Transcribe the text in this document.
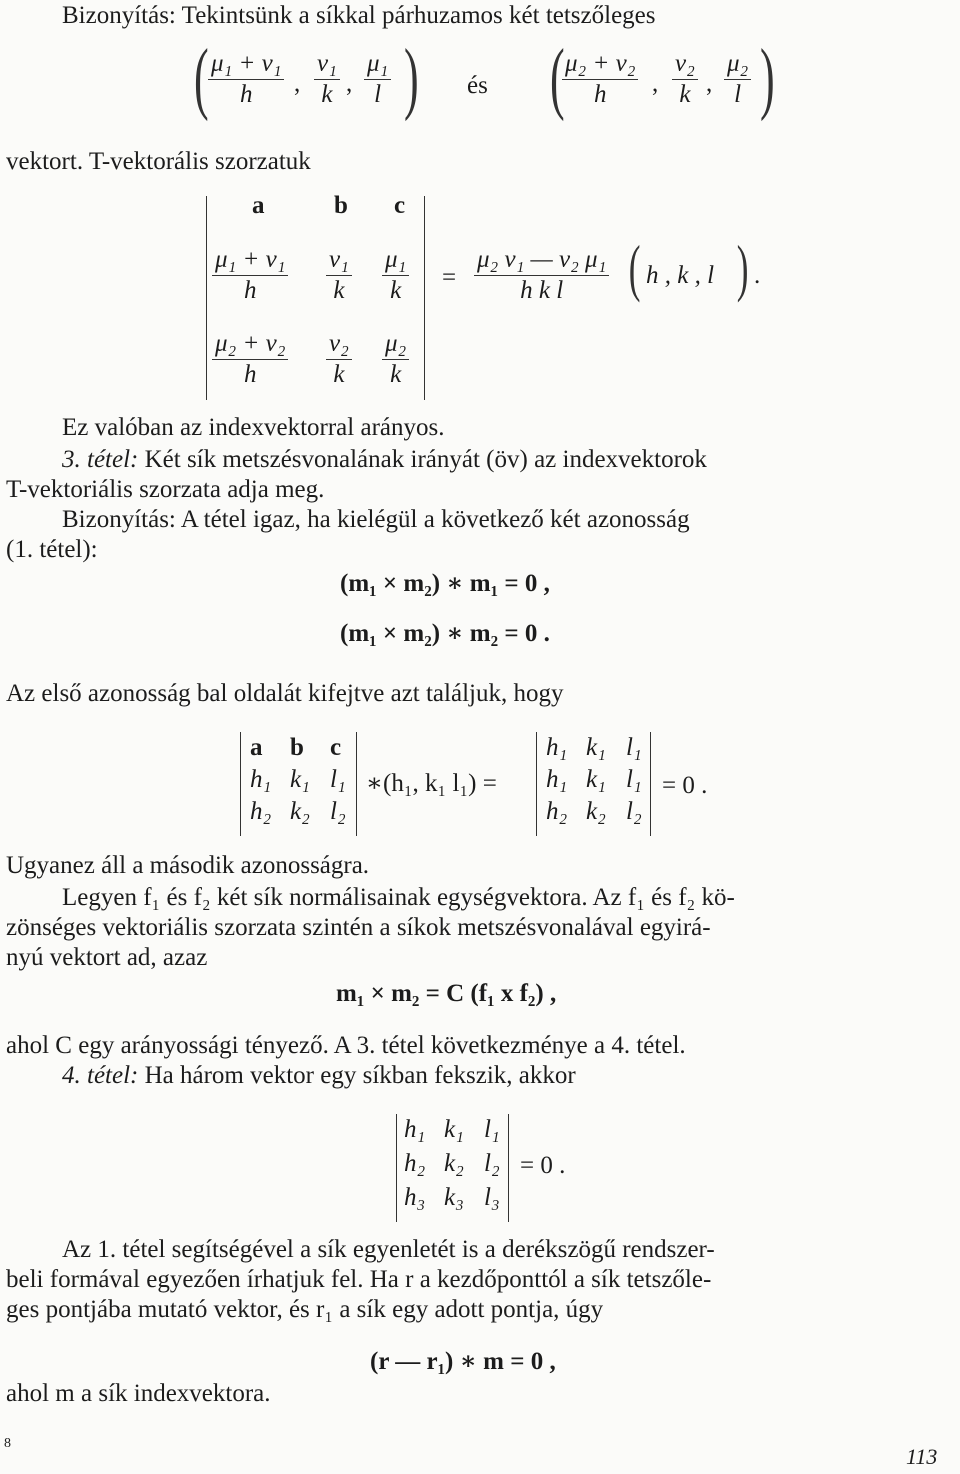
Bizonyítás: Tekintsünk a síkkal párhuzamos két tetszőleges
( $\frac{\text{μ₁ + ν₁}}{h}$ , $\frac{\text{ν₁}}{k}$ , $\frac{\text{μ₁}}{l}$ ) és (
$\frac{\text{μ₂ + ν₂}}{h}$ , $\frac{\text{ν₂}}{k}$ , $\frac{\text{μ₂}}{l}$ )
vektort. T-vektorális szorzatuk
a	b c
$\frac{\text{μ₁ + ν₁}}{h} \frac{\text{ν₁}}{k} \frac{\text{μ₁}}{k}$
$\frac{\text{μ₂ + ν₂}}{h} \frac{\text{ν₂}}{k} \frac{\text{μ₂}}{k}$
= $\frac{\text{μ₂ ν₁ — ν₂ μ₁}}{\text{h k l}}$ ( h , k , l ) .
Ez valóban az indexvektorral arányos.
3. tétel: Két sík metszésvonalának irányát (öv) az indexvektorok
T-vektoriális szorzata adja meg.
Bizonyítás: A tétel igaz, ha kielégül a következő két azonosság
(1. tétel):
(m₁ × m₂) ∗ m₁ = 0 ,
(m₁ × m₂) ∗ m₂ = 0 .
Az első azonosság bal oldalát kifejtve azt találjuk, hogy
a	b	c
h₁ k₁ l₁
h₂ k₂ l₂
∗(h₁, k₁ l₁) =
h₁ k₁ l₁
h₁ k₁ l₁
h₂ k₂ l₂
= 0 .
Ugyanez áll a második azonosságra.
Legyen f₁ és f₂ két sík normálisainak egységvektora. Az f₁ és f₂ kö-
zönséges vektoriális szorzata szintén a síkok metszésvonalával egyirá-
nyú vektort ad, azaz
m₁ × m₂ = C (f₁ x f₂) ,
ahol C egy arányossági tényező. A 3. tétel következménye a 4. tétel.
4. tétel: Ha három vektor egy síkban fekszik, akkor
h₁ k₁ l₁
h₂ k₂ l₂
h₃ k₃ l₃
= 0 .
Az 1. tétel segítségével a sík egyenletét is a derékszögű rendszer-
beli formával egyezően írhatjuk fel. Ha r a kezdőponttól a sík tetszőle-
ges pontjába mutató vektor, és r₁ a sík egy adott pontja, úgy
(r — r₁) ∗ m = 0 ,
ahol m a sík indexvektora.
8
113
